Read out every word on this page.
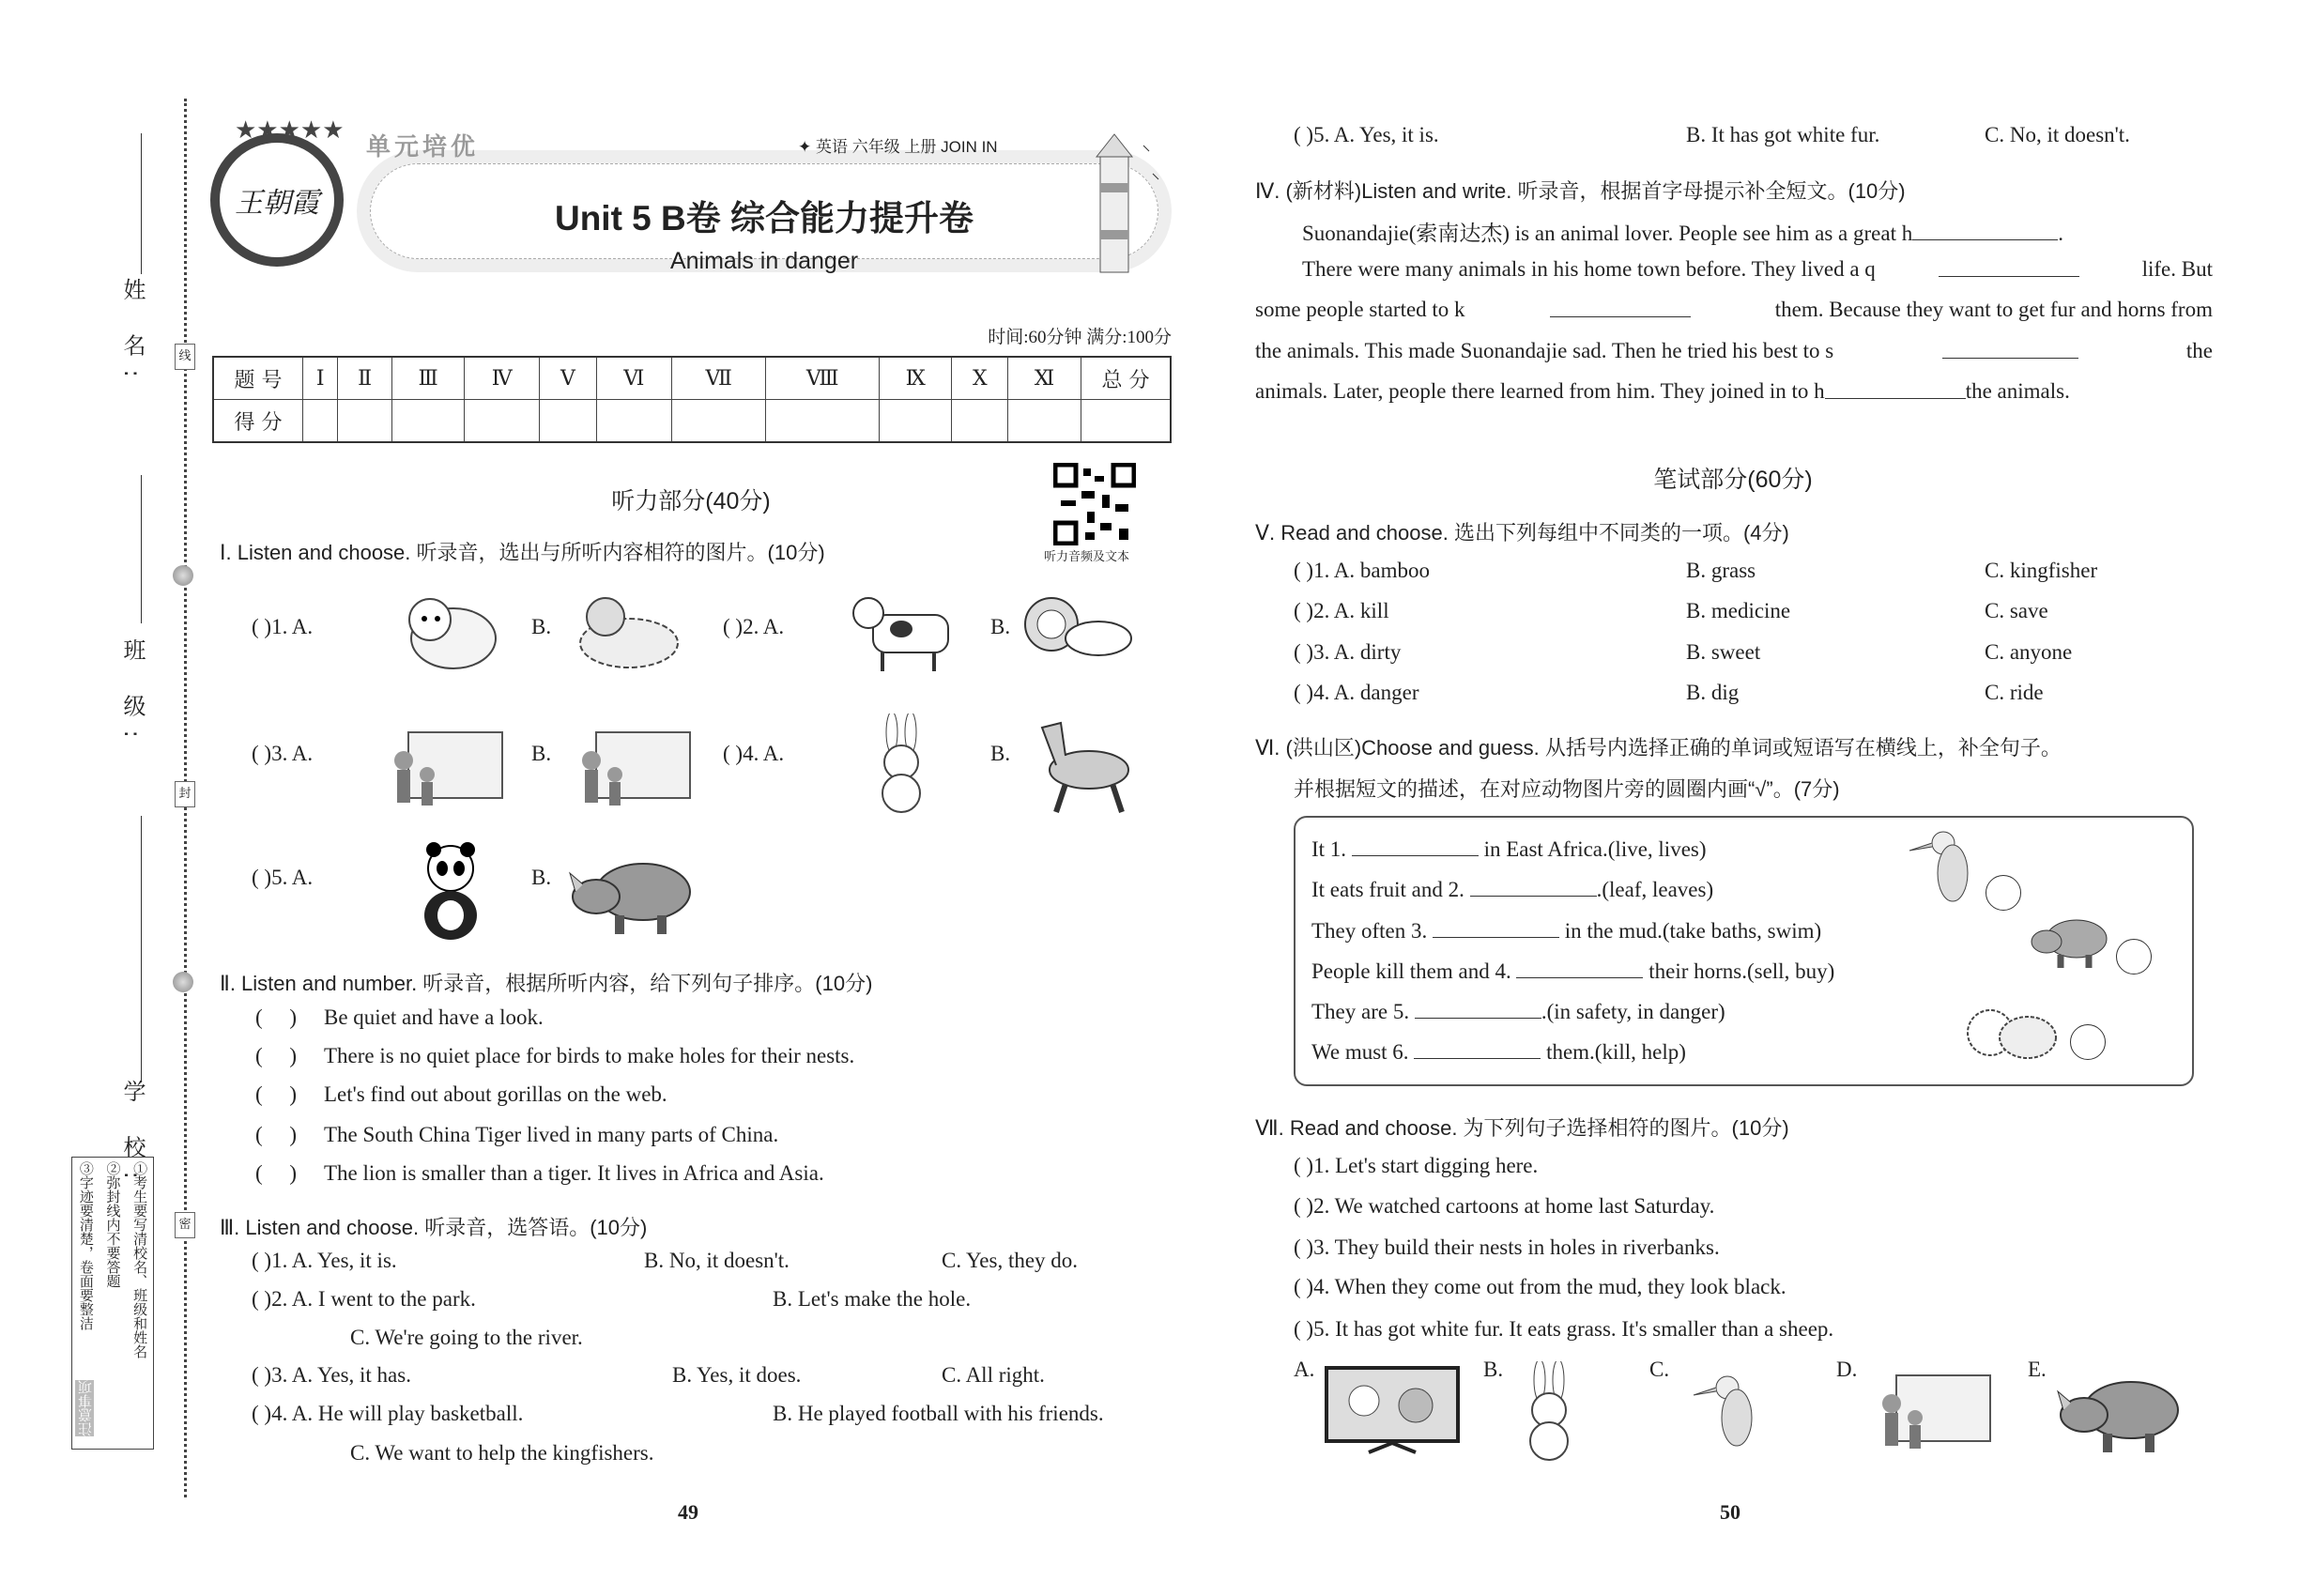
线
封
密
姓 名:
班 级:
学 校:
①考生要写清校名、班级和姓名
②弥封线内不要答题
③字迹要清楚，卷面要整洁
注意事项
王朝霞
★★★★★
单元培优	✦ 英语 六年级 上册 JOIN IN
Unit 5 B卷 综合能力提升卷
Animals in danger
时间:60分钟 满分:100分
题 号	Ⅰ	Ⅱ	Ⅲ	Ⅳ	Ⅴ	Ⅵ	Ⅶ	Ⅷ	Ⅸ	Ⅹ	Ⅺ	总 分
得 分												
听力部分(40分)
听力音频及文本
Ⅰ. Listen and choose. 听录音，选出与所听内容相符的图片。(10分)
( )1. A.	B.	( )2. A.	B.
( )3. A.	B.	( )4. A.	B.
( )5. A.	B.
Ⅱ. Listen and number. 听录音，根据所听内容，给下列句子排序。(10分)
(     ) Be quiet and have a look.
(     ) There is no quiet place for birds to make holes for their nests.
(     ) Let's find out about gorillas on the web.
(     ) The South China Tiger lived in many parts of China.
(     ) The lion is smaller than a tiger. It lives in Africa and Asia.
Ⅲ. Listen and choose. 听录音，选答语。(10分)
( )1. A. Yes, it is.	B. No, it doesn't.	C. Yes, they do.
( )2. A. I went to the park.	B. Let's make the hole.
C. We're going to the river.
( )3. A. Yes, it has.	B. Yes, it does.	C. All right.
( )4. A. He will play basketball.	B. He played football with his friends.
C. We want to help the kingfishers.
( )5. A. Yes, it is.	B. It has got white fur.	C. No, it doesn't.
Ⅳ. (新材料)Listen and write. 听录音，根据首字母提示补全短文。(10分)
Suonandajie(索南达杰) is an animal lover. People see him as a great h	.
There were many animals in his home town before. They lived a q	life. But
some people started to k	them. Because they want to get fur and horns from
the animals. This made Suonandajie sad. Then he tried his best to s	the
animals. Later, people there learned from him. They joined in to h	the animals.
笔试部分(60分)
Ⅴ. Read and choose. 选出下列每组中不同类的一项。(4分)
( )1. A. bamboo	B. grass	C. kingfisher
( )2. A. kill	B. medicine	C. save
( )3. A. dirty	B. sweet	C. anyone
( )4. A. danger	B. dig	C. ride
Ⅵ. (洪山区)Choose and guess. 从括号内选择正确的单词或短语写在横线上，补全句子。
并根据短文的描述，在对应动物图片旁的圆圈内画“√”。(7分)
It 1.	in East Africa.(live, lives)
It eats fruit and 2.	.(leaf, leaves)
They often 3.	in the mud.(take baths, swim)
People kill them and 4.	their horns.(sell, buy)
They are 5.	.(in safety, in danger)
We must 6.	them.(kill, help)
Ⅶ. Read and choose. 为下列句子选择相符的图片。(10分)
( )1. Let's start digging here.
( )2. We watched cartoons at home last Saturday.
( )3. They build their nests in holes in riverbanks.
( )4. When they come out from the mud, they look black.
( )5. It has got white fur. It eats grass. It's smaller than a sheep.
A.	B.	C.	D.	E.
49	50
